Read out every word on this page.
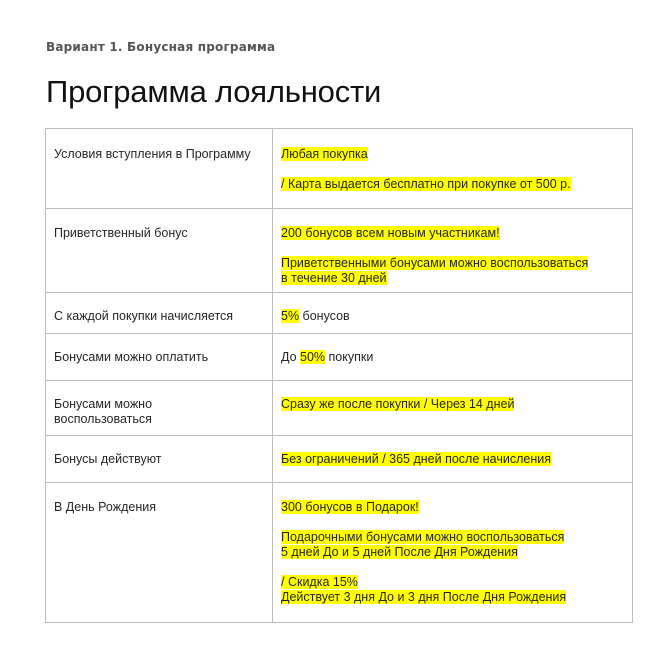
Вариант 1. Бонусная программа
Программа лояльности
Условия вступления в Программу	Любая покупка

/ Карта выдается бесплатно при покупке от 500 р.

Приветственный бонус	200 бонусов всем новым участникам!

Приветственными бонусами можно воспользоваться
в течение 30 дней

С каждой покупки начисляется	5% бонусов

Бонусами можно оплатить	До 50% покупки

Бонусами можно воспользоваться	Сразу же после покупки / Через 14 дней

Бонусы действуют	Без ограничений / 365 дней после начисления

В День Рождения	300 бонусов в Подарок!

Подарочными бонусами можно воспользоваться
5 дней До и 5 дней После Дня Рождения

/ Скидка 15%
Действует 3 дня До и 3 дня После Дня Рождения
